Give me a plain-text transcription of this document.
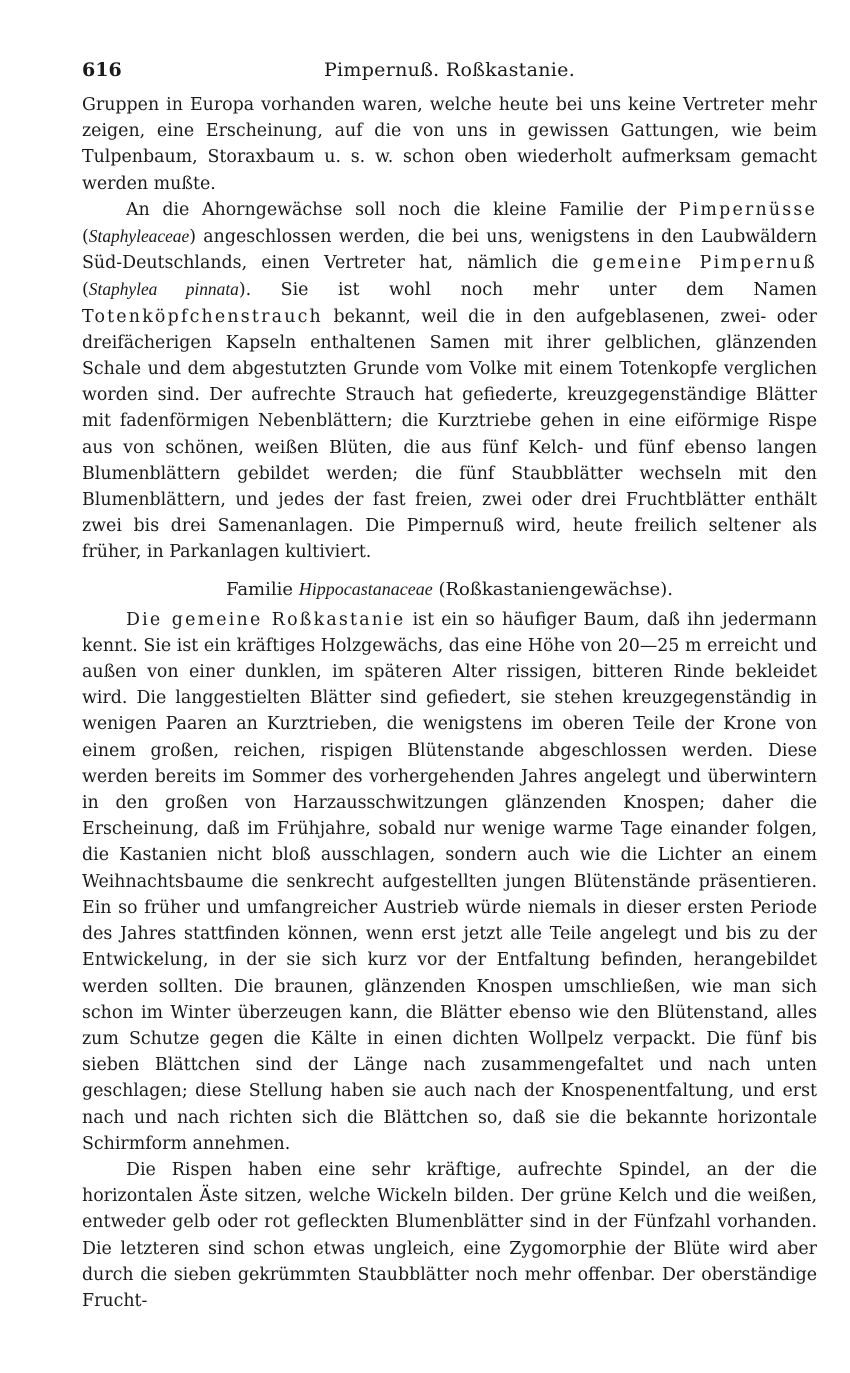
616	Pimpernuß. Roßkastanie.

Gruppen in Europa vorhanden waren, welche heute bei uns keine Vertreter mehr zeigen, eine Erscheinung, auf die von uns in gewissen Gattungen, wie beim Tulpenbaum, Storaxbaum u. s. w. schon oben wiederholt aufmerksam gemacht werden mußte.

An die Ahorngewächse soll noch die kleine Familie der Pimpernüsse (Staphyleaceae) angeschlossen werden, die bei uns, wenigstens in den Laubwäldern Süd-Deutschlands, einen Vertreter hat, nämlich die gemeine Pimpernuß (Staphylea pinnata). Sie ist wohl noch mehr unter dem Namen Totenköpfchenstrauch bekannt, weil die in den aufgeblasenen, zwei- oder dreifächerigen Kapseln enthaltenen Samen mit ihrer gelblichen, glänzenden Schale und dem abgestutzten Grunde vom Volke mit einem Totenkopfe verglichen worden sind. Der aufrechte Strauch hat gefiederte, kreuzgegenständige Blätter mit fadenförmigen Nebenblättern; die Kurztriebe gehen in eine eiförmige Rispe aus von schönen, weißen Blüten, die aus fünf Kelch- und fünf ebenso langen Blumenblättern gebildet werden; die fünf Staubblätter wechseln mit den Blumenblättern, und jedes der fast freien, zwei oder drei Fruchtblätter enthält zwei bis drei Samenanlagen. Die Pimpernuß wird, heute freilich seltener als früher, in Parkanlagen kultiviert.

Familie Hippocastanaceae (Roßkastaniengewächse).

Die gemeine Roßkastanie ist ein so häufiger Baum, daß ihn jedermann kennt. Sie ist ein kräftiges Holzgewächs, das eine Höhe von 20—25 m erreicht und außen von einer dunklen, im späteren Alter rissigen, bitteren Rinde bekleidet wird. Die langgestielten Blätter sind gefiedert, sie stehen kreuzgegenständig in wenigen Paaren an Kurztrieben, die wenigstens im oberen Teile der Krone von einem großen, reichen, rispigen Blütenstande abgeschlossen werden. Diese werden bereits im Sommer des vorhergehenden Jahres angelegt und überwintern in den großen von Harzausschwitzungen glänzenden Knospen; daher die Erscheinung, daß im Frühjahre, sobald nur wenige warme Tage einander folgen, die Kastanien nicht bloß ausschlagen, sondern auch wie die Lichter an einem Weihnachtsbaume die senkrecht aufgestellten jungen Blütenstände präsentieren. Ein so früher und umfangreicher Austrieb würde niemals in dieser ersten Periode des Jahres stattfinden können, wenn erst jetzt alle Teile angelegt und bis zu der Entwickelung, in der sie sich kurz vor der Entfaltung befinden, herangebildet werden sollten. Die braunen, glänzenden Knospen umschließen, wie man sich schon im Winter überzeugen kann, die Blätter ebenso wie den Blütenstand, alles zum Schutze gegen die Kälte in einen dichten Wollpelz verpackt. Die fünf bis sieben Blättchen sind der Länge nach zusammengefaltet und nach unten geschlagen; diese Stellung haben sie auch nach der Knospenentfaltung, und erst nach und nach richten sich die Blättchen so, daß sie die bekannte horizontale Schirmform annehmen.

Die Rispen haben eine sehr kräftige, aufrechte Spindel, an der die horizontalen Äste sitzen, welche Wickeln bilden. Der grüne Kelch und die weißen, entweder gelb oder rot gefleckten Blumenblätter sind in der Fünfzahl vorhanden. Die letzteren sind schon etwas ungleich, eine Zygomorphie der Blüte wird aber durch die sieben gekrümmten Staubblätter noch mehr offenbar. Der oberständige Frucht-
